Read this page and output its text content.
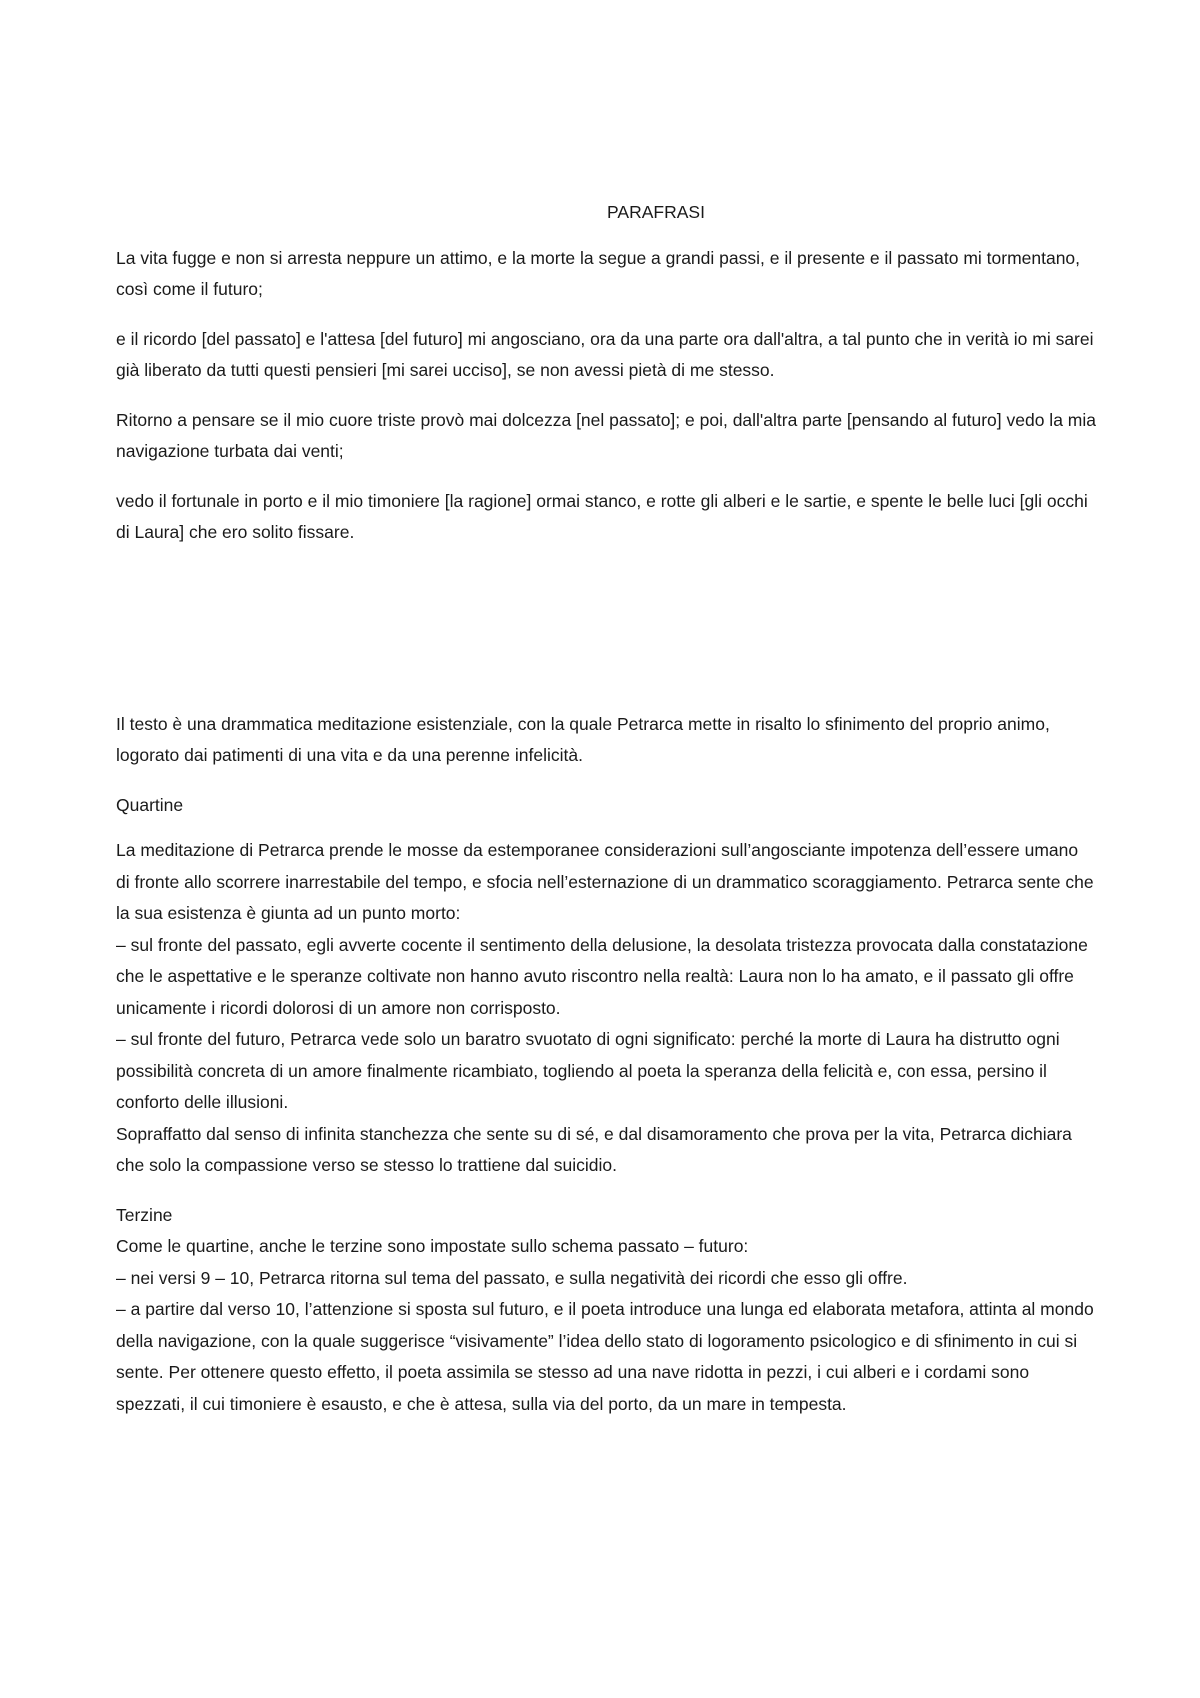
PARAFRASI

La vita fugge e non si arresta neppure un attimo, e la morte la segue a grandi passi, e il presente e il passato mi tormentano, così come il futuro;

e il ricordo [del passato] e l'attesa [del futuro] mi angosciano, ora da una parte ora dall'altra, a tal punto che in verità io mi sarei già liberato da tutti questi pensieri [mi sarei ucciso], se non avessi pietà di me stesso.

Ritorno a pensare se il mio cuore triste provò mai dolcezza [nel passato]; e poi, dall'altra parte [pensando al futuro] vedo la mia navigazione turbata dai venti;

vedo il fortunale in porto e il mio timoniere [la ragione] ormai stanco, e rotte gli alberi e le sartie, e spente le belle luci [gli occhi di Laura] che ero solito fissare.

Il testo è una drammatica meditazione esistenziale, con la quale Petrarca mette in risalto lo sfinimento del proprio animo, logorato dai patimenti di una vita e da una perenne infelicità.

Quartine
La meditazione di Petrarca prende le mosse da estemporanee considerazioni sull’angosciante impotenza dell’essere umano di fronte allo scorrere inarrestabile del tempo, e sfocia nell’esternazione di un drammatico scoraggiamento. Petrarca sente che la sua esistenza è giunta ad un punto morto:
– sul fronte del passato, egli avverte cocente il sentimento della delusione, la desolata tristezza provocata dalla constatazione che le aspettative e le speranze coltivate non hanno avuto riscontro nella realtà: Laura non lo ha amato, e il passato gli offre unicamente i ricordi dolorosi di un amore non corrisposto.
– sul fronte del futuro, Petrarca vede solo un baratro svuotato di ogni significato: perché la morte di Laura ha distrutto ogni possibilità concreta di un amore finalmente ricambiato, togliendo al poeta la speranza della felicità e, con essa, persino il conforto delle illusioni.
Sopraffatto dal senso di infinita stanchezza che sente su di sé, e dal disamoramento che prova per la vita, Petrarca dichiara che solo la compassione verso se stesso lo trattiene dal suicidio.
Terzine
Come le quartine, anche le terzine sono impostate sullo schema passato – futuro:
– nei versi 9 – 10, Petrarca ritorna sul tema del passato, e sulla negatività dei ricordi che esso gli offre.
– a partire dal verso 10, l’attenzione si sposta sul futuro, e il poeta introduce una lunga ed elaborata metafora, attinta al mondo della navigazione, con la quale suggerisce “visivamente” l’idea dello stato di logoramento psicologico e di sfinimento in cui si sente. Per ottenere questo effetto, il poeta assimila se stesso ad una nave ridotta in pezzi, i cui alberi e i cordami sono spezzati, il cui timoniere è esausto, e che è attesa, sulla via del porto, da un mare in tempesta.
